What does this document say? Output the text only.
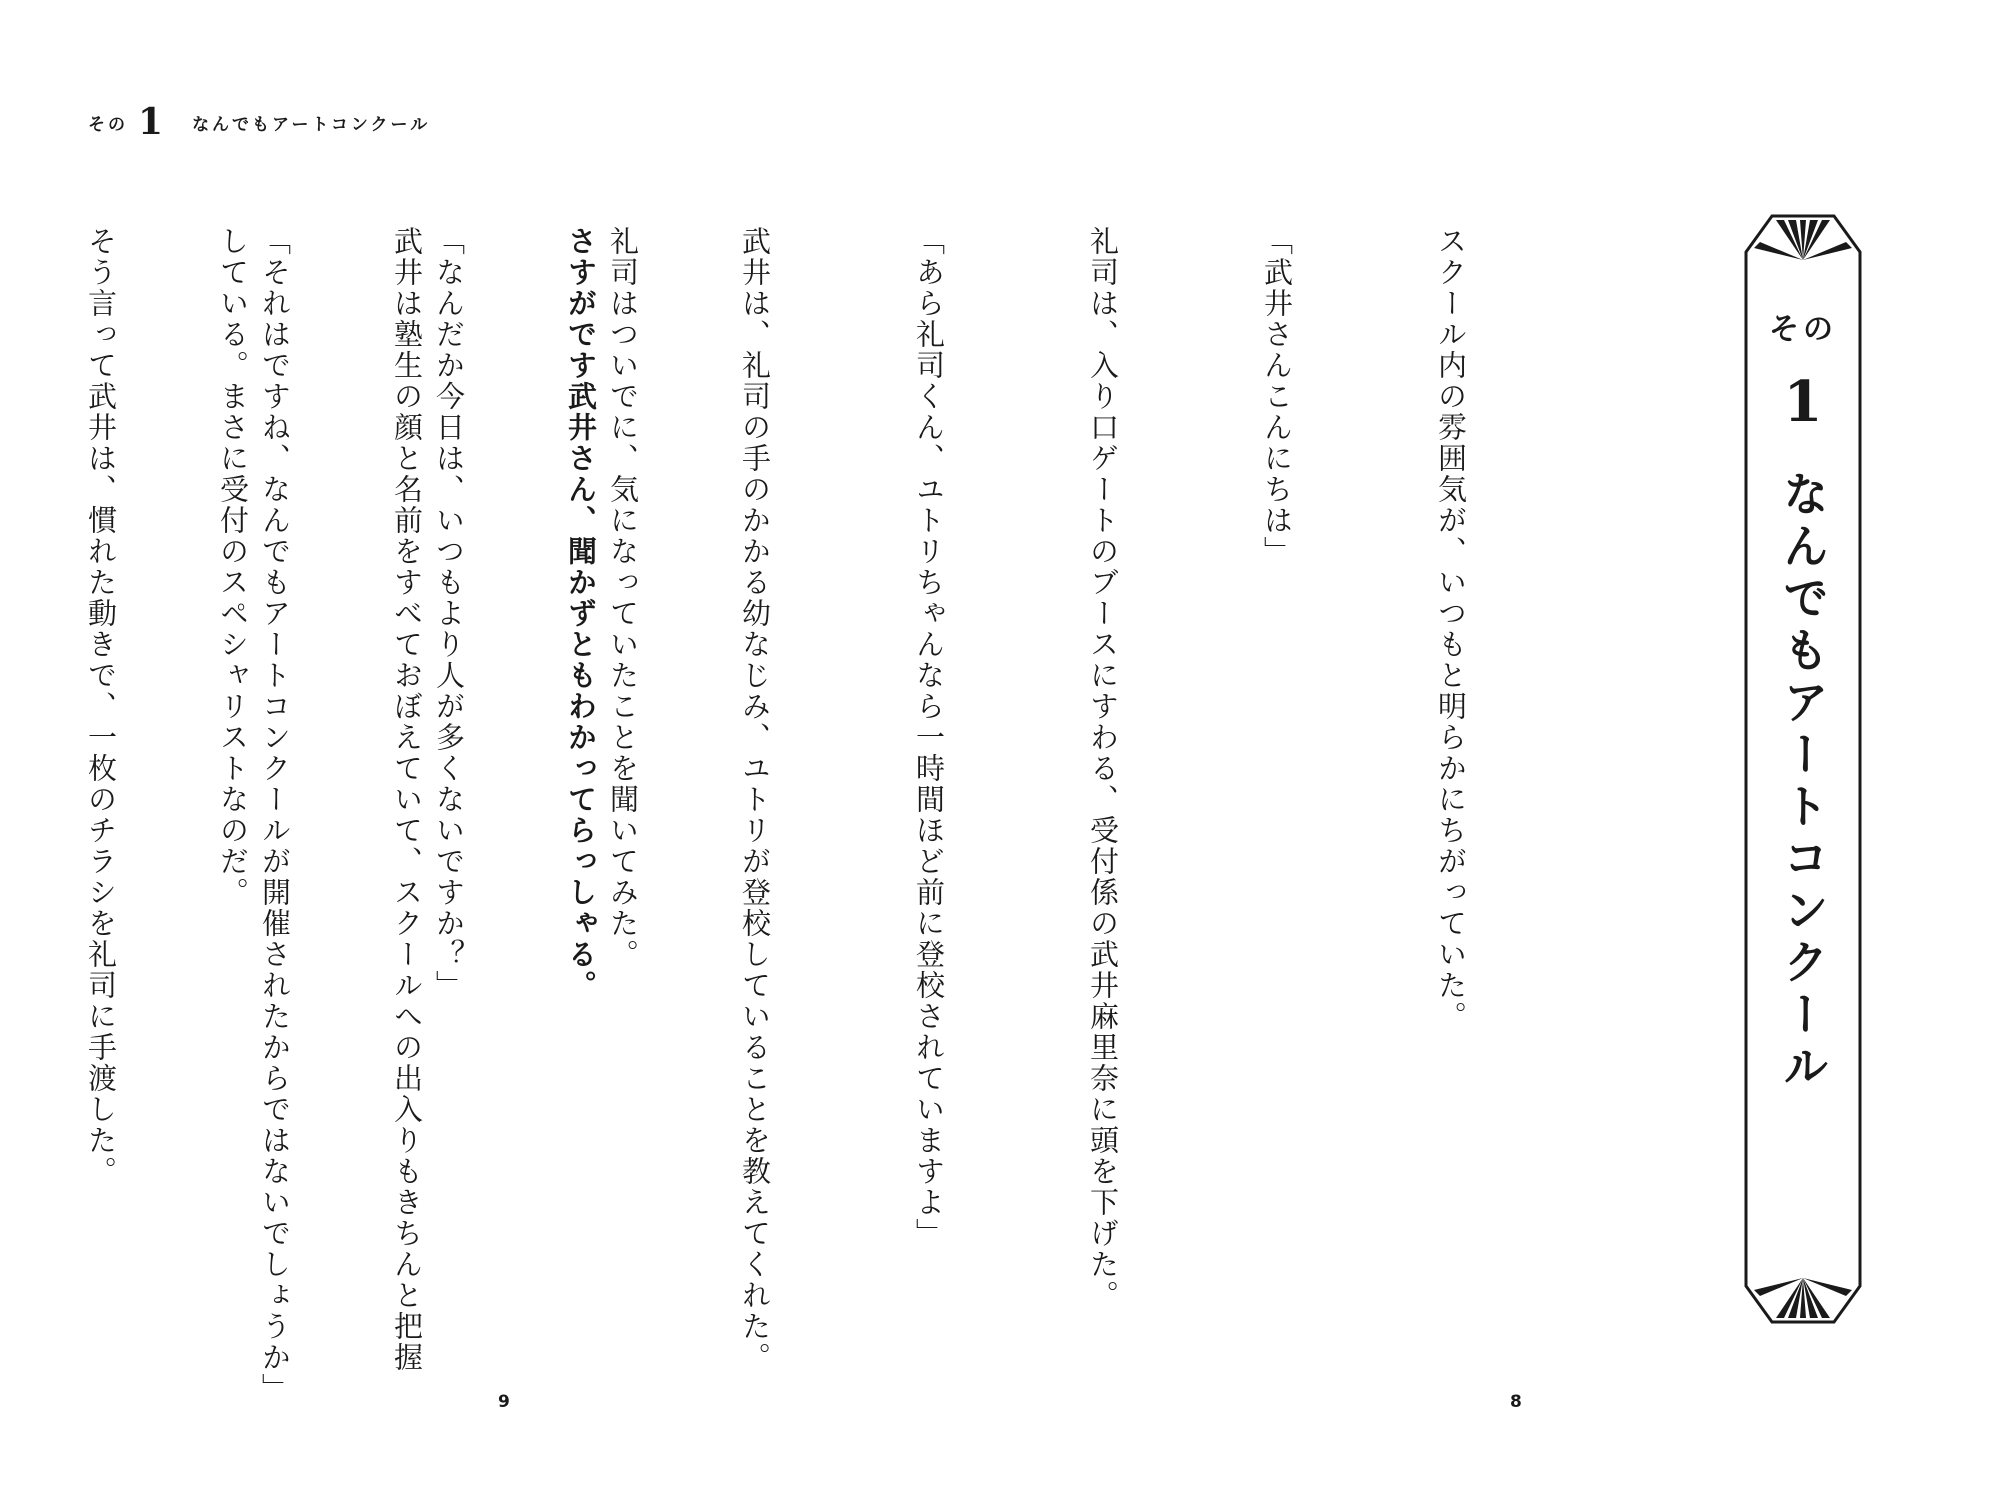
その 1 なんでもアートコンクール

礼司はついでに、気になっていたことを聞いてみた。

「なんだか今日は、いつもより人が多くないですか？」

「それはですね、なんでもアートコンクールが開催されたからではないでしょうか」

そう言って武井は、慣れた動きで、一枚のチラシを礼司に手渡した。

9

スクール内の雰囲気が、いつもと明らかにちがっていた。

「武井さんこんにちは」

礼司は、入り口ゲートのブースにすわる、受付係の武井麻里奈に頭を下げた。

「あら礼司くん、ユトリちゃんなら一時間ほど前に登校されていますよ」

武井は、礼司の手のかかる幼なじみ、ユトリが登校していることを教えてくれた。

さすがです武井さん、聞かずともわかってらっしゃる。

武井は塾生の顔と名前をすべておぼえていて、スクールへの出入りもきちんと把握

している。まさに受付のスペシャリストなのだ。

	その
1
なんでもアートコンクール
8
